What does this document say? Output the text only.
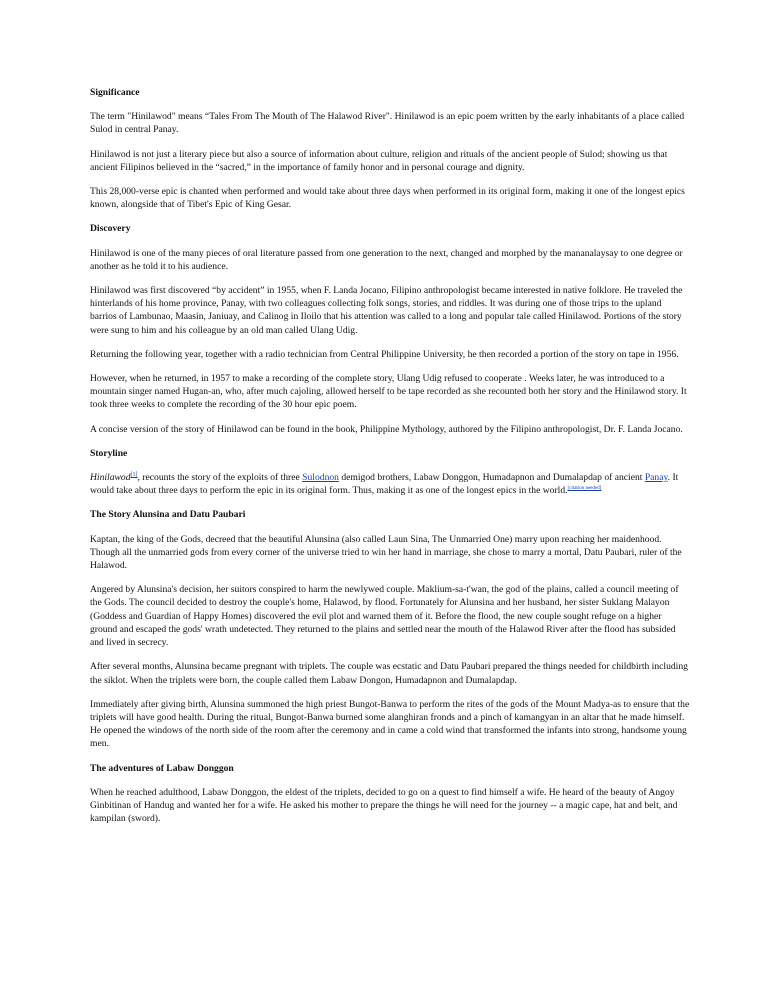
Significance

The term "Hinilawod" means “Tales From The Mouth of The Halawod River". Hinilawod is an epic poem written by the early inhabitants of a place called Sulod in central Panay.

Hinilawod is not just a literary piece but also a source of information about culture, religion and rituals of the ancient people of Sulod; showing us that ancient Filipinos believed in the “sacred,” in the importance of family honor and in personal courage and dignity.

This 28,000-verse epic is chanted when performed and would take about three days when performed in its original form, making it one of the longest epics known, alongside that of Tibet's Epic of King Gesar.

Discovery

Hinilawod is one of the many pieces of oral literature passed from one generation to the next, changed and morphed by the mananalaysay to one degree or another as he told it to his audience.

Hinilawod was first discovered “by accident” in 1955, when F. Landa Jocano, Filipino anthropologist became interested in native folklore. He traveled the hinterlands of his home province, Panay, with two colleagues collecting folk songs, stories, and riddles. It was during one of those trips to the upland barrios of Lambunao, Maasin, Janiuay, and Calinog in Iloilo that his attention was called to a long and popular tale called Hinilawod. Portions of the story were sung to him and his colleague by an old man called Ulang Udig.

Returning the following year, together with a radio technician from Central Philippine University, he then recorded a portion of the story on tape in 1956.

However, when he returned, in 1957 to make a recording of the complete story, Ulang Udig refused to cooperate . Weeks later, he was introduced to a mountain singer named Hugan-an, who, after much cajoling, allowed herself to be tape recorded as she recounted both her story and the Hinilawod story. It took three weeks to complete the recording of the 30 hour epic poem.

A concise version of the story of Hinilawod can be found in the book, Philippine Mythology, authored by the Filipino anthropologist, Dr. F. Landa Jocano.

Storyline

Hinilawod[1], recounts the story of the exploits of three Sulodnon demigod brothers, Labaw Donggon, Humadapnon and Dumalapdap of ancient Panay. It would take about three days to perform the epic in its original form. Thus, making it as one of the longest epics in the world.[citation needed]

The Story Alunsina and Datu Paubari

Kaptan, the king of the Gods, decreed that the beautiful Alunsina (also called Laun Sina, The Unmarried One) marry upon reaching her maidenhood. Though all the unmarried gods from every corner of the universe tried to win her hand in marriage, she chose to marry a mortal, Datu Paubari, ruler of the Halawod.

Angered by Alunsina's decision, her suitors conspired to harm the newlywed couple. Maklium-sa-t'wan, the god of the plains, called a council meeting of the Gods. The council decided to destroy the couple's home, Halawod, by flood. Fortunately for Alunsina and her husband, her sister Suklang Malayon (Goddess and Guardian of Happy Homes) discovered the evil plot and warned them of it. Before the flood, the new couple sought refuge on a higher ground and escaped the gods' wrath undetected. They returned to the plains and settled near the mouth of the Halawod River after the flood has subsided and lived in secrecy.

After several months, Alunsina became pregnant with triplets. The couple was ecstatic and Datu Paubari prepared the things needed for childbirth including the siklot. When the triplets were born, the couple called them Labaw Dongon, Humadapnon and Dumalapdap.

Immediately after giving birth, Alunsina summoned the high priest Bungot-Banwa to perform the rites of the gods of the Mount Madya-as to ensure that the triplets will have good health. During the ritual, Bungot-Banwa burned some alanghiran fronds and a pinch of kamangyan in an altar that he made himself. He opened the windows of the north side of the room after the ceremony and in came a cold wind that transformed the infants into strong, handsome young men.

The adventures of Labaw Donggon

When he reached adulthood, Labaw Donggon, the eldest of the triplets, decided to go on a quest to find himself a wife. He heard of the beauty of Angoy Ginbitinan of Handug and wanted her for a wife. He asked his mother to prepare the things he will need for the journey -- a magic cape, hat and belt, and kampilan (sword).
